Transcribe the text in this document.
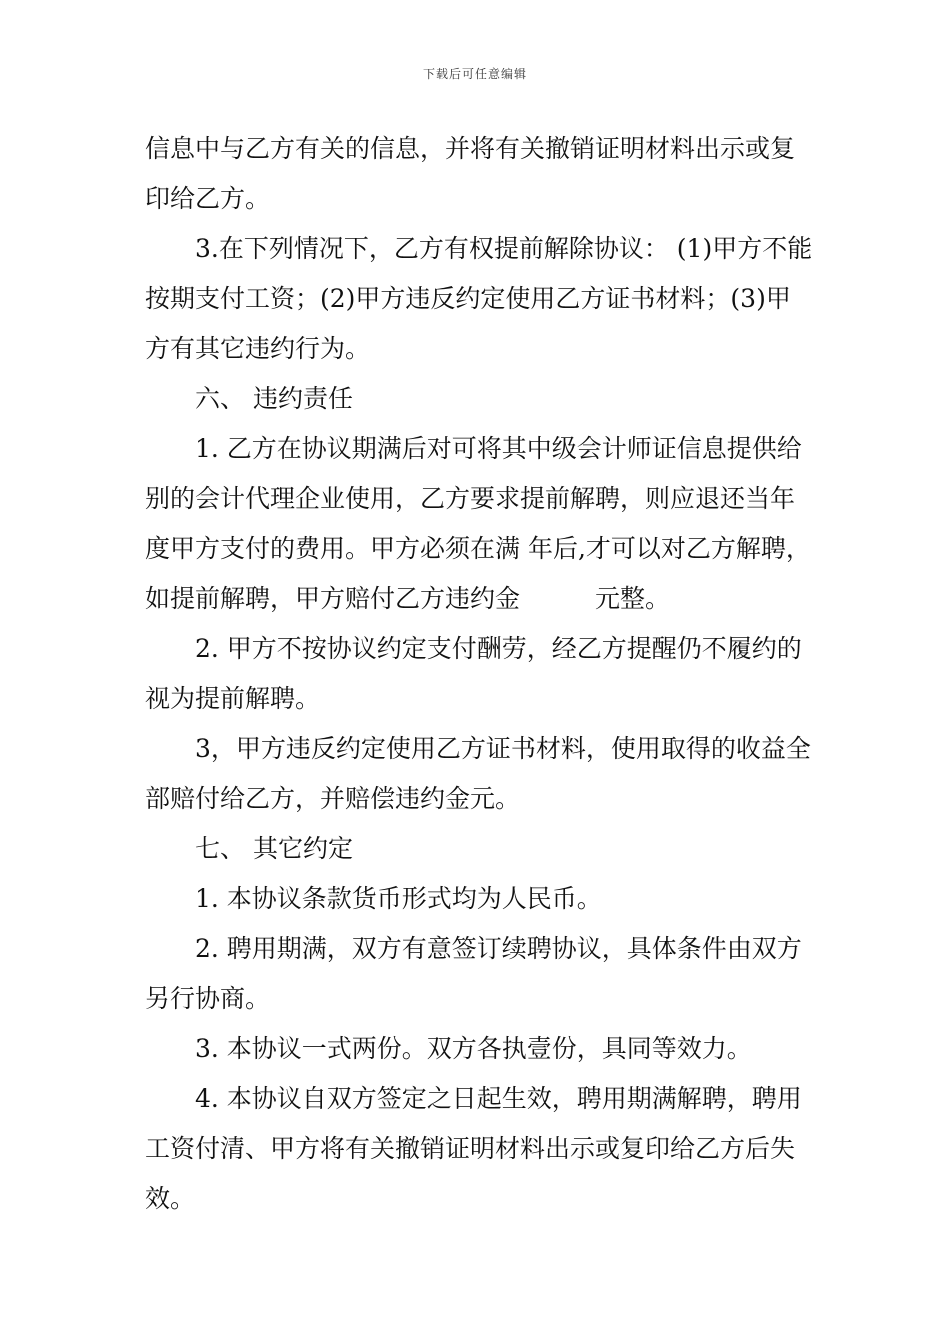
下载后可任意编辑

信息中与乙方有关的信息，并将有关撤销证明材料出示或复印给乙方。

3.在下列情况下，乙方有权提前解除协议： (1)甲方不能按期支付工资；(2)甲方违反约定使用乙方证书材料；(3)甲方有其它违约行为。

六、 违约责任

1. 乙方在协议期满后对可将其中级会计师证信息提供给别的会计代理企业使用，乙方要求提前解聘，则应退还当年度甲方支付的费用。甲方必须在满 年后,才可以对乙方解聘，如提前解聘，甲方赔付乙方违约金　　　元整。

2. 甲方不按协议约定支付酬劳，经乙方提醒仍不履约的视为提前解聘。

3，甲方违反约定使用乙方证书材料，使用取得的收益全部赔付给乙方，并赔偿违约金元。

七、 其它约定

1. 本协议条款货币形式均为人民币。

2. 聘用期满，双方有意签订续聘协议，具体条件由双方另行协商。

3. 本协议一式两份。双方各执壹份，具同等效力。

4. 本协议自双方签定之日起生效，聘用期满解聘，聘用工资付清、甲方将有关撤销证明材料出示或复印给乙方后失效。
